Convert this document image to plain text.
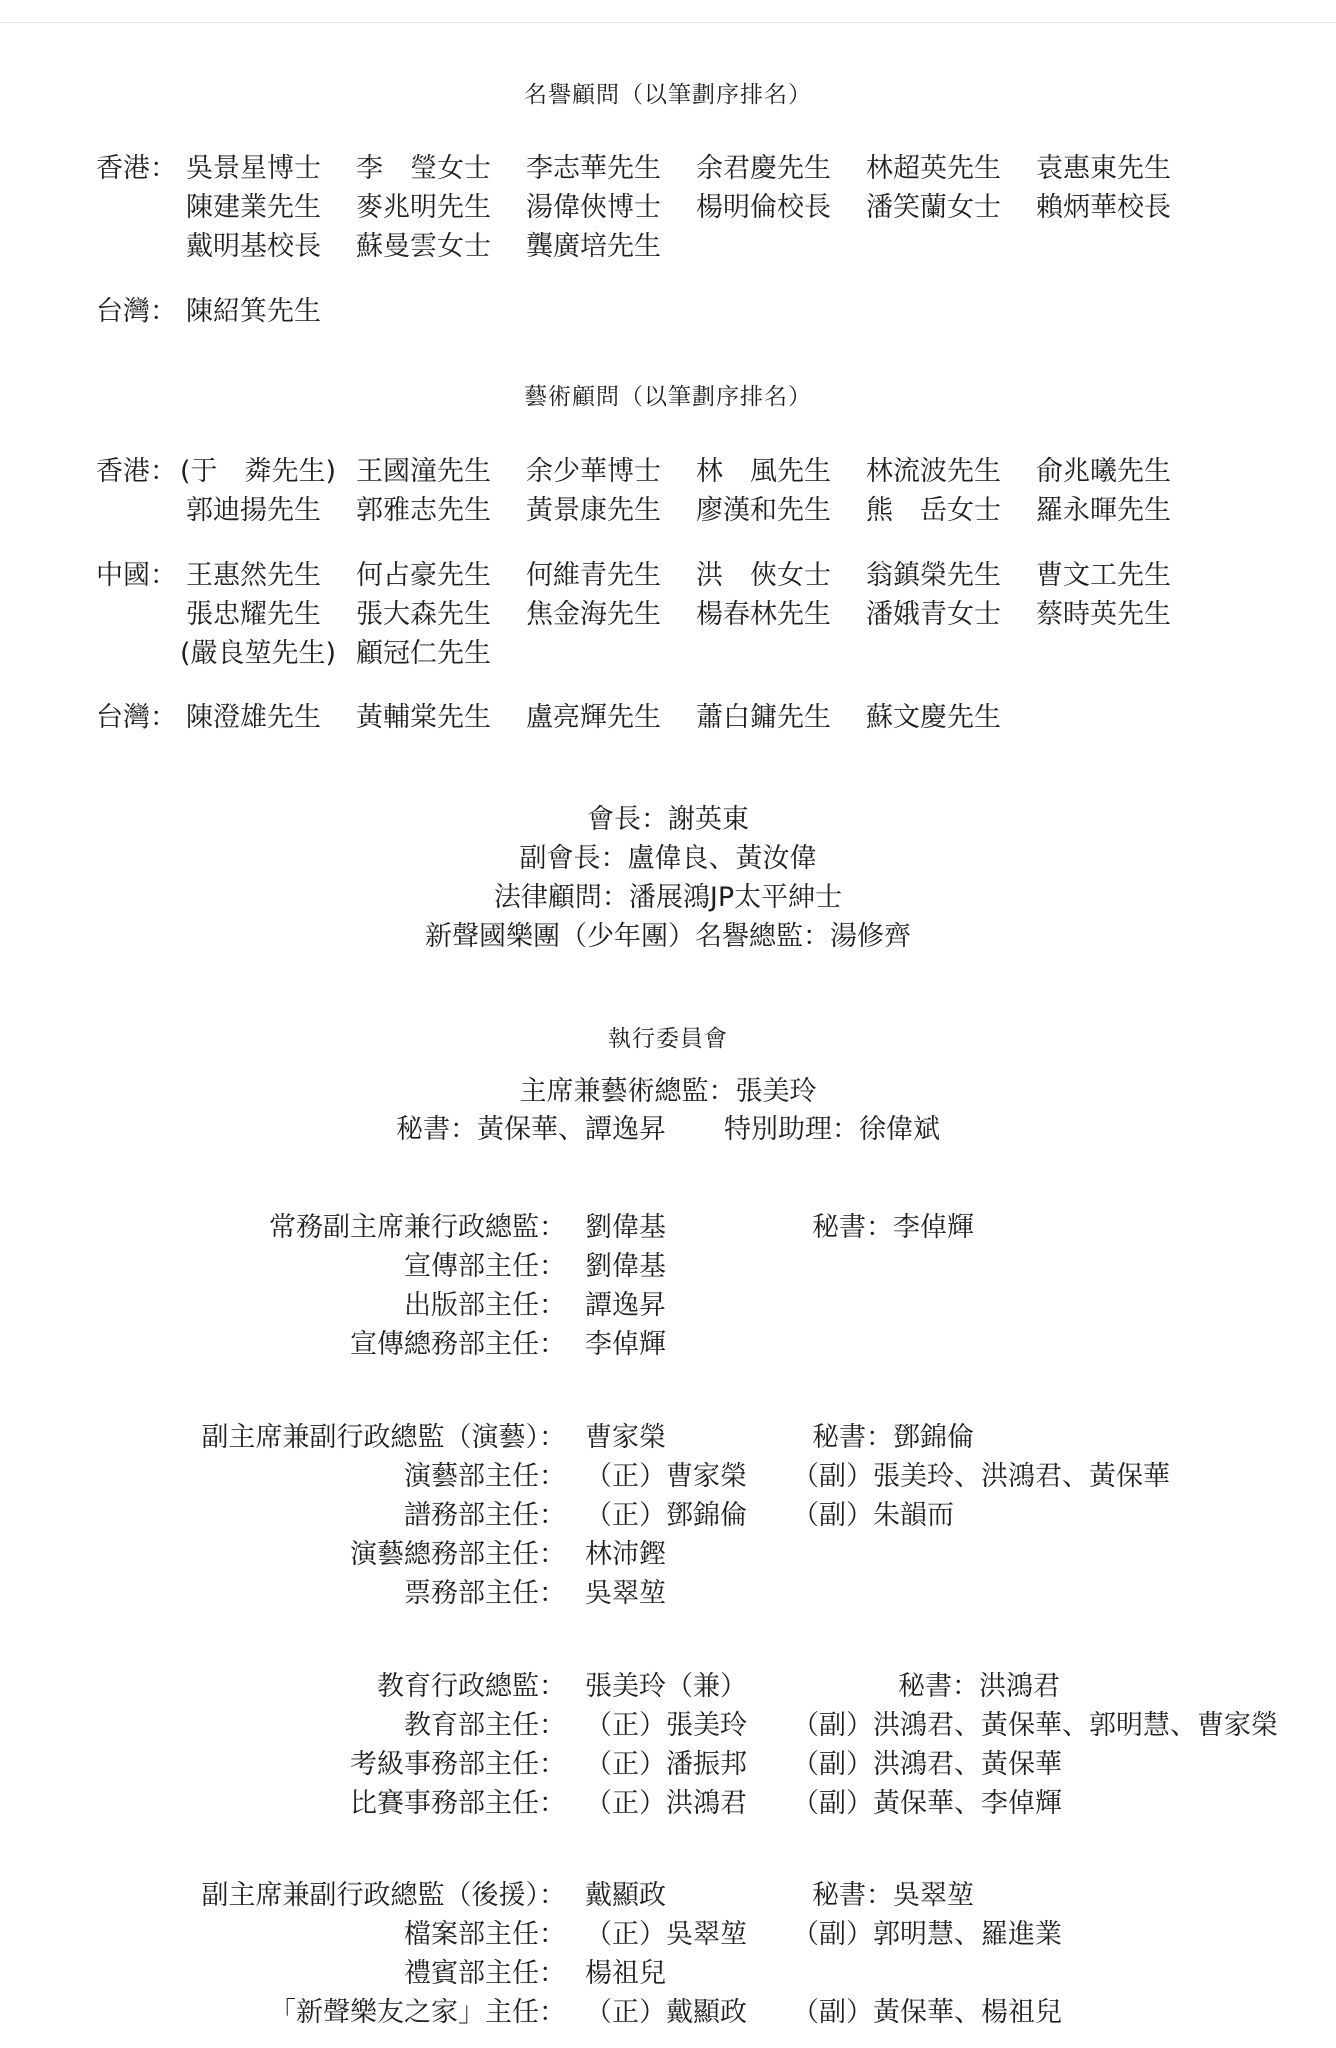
名譽顧問（以筆劃序排名）
香港： 吳景星博士 李　瑩女士 李志華先生 余君慶先生 林超英先生 袁惠東先生
陳建業先生 麥兆明先生 湯偉俠博士 楊明倫校長 潘笑蘭女士 賴炳華校長
戴明基校長 蘇曼雲女士 龔廣培先生
台灣： 陳紹箕先生
藝術顧問（以筆劃序排名）
香港： (于　粦先生) 王國潼先生 余少華博士 林　風先生 林流波先生 俞兆曦先生
郭迪揚先生 郭雅志先生 黃景康先生 廖漢和先生 熊　岳女士 羅永暉先生
中國： 王惠然先生 何占豪先生 何維青先生 洪　俠女士 翁鎮榮先生 曹文工先生
張忠耀先生 張大森先生 焦金海先生 楊春林先生 潘娥青女士 蔡時英先生
(嚴良堃先生) 顧冠仁先生
台灣： 陳澄雄先生 黃輔棠先生 盧亮輝先生 蕭白鏞先生 蘇文慶先生
會長：謝英東
副會長：盧偉良、黃汝偉
法律顧問：潘展鴻JP太平紳士
新聲國樂團（少年團）名譽總監：湯修齊
執行委員會
主席兼藝術總監：張美玲
秘書：黃保華、譚逸昇 特別助理：徐偉斌
常務副主席兼行政總監： 劉偉基	秘書：李倬輝
宣傳部主任： 劉偉基
出版部主任： 譚逸昇
宣傳總務部主任： 李倬輝
副主席兼副行政總監（演藝）： 曹家榮	秘書：鄧錦倫
演藝部主任： （正）曹家榮 （副）張美玲、洪鴻君、黃保華
譜務部主任： （正）鄧錦倫 （副）朱韻而
演藝總務部主任： 林沛鏗
票務部主任： 吳翠堃
教育行政總監： 張美玲（兼）	秘書：洪鴻君
教育部主任： （正）張美玲 （副）洪鴻君、黃保華、郭明慧、曹家榮
考級事務部主任： （正）潘振邦 （副）洪鴻君、黃保華
比賽事務部主任： （正）洪鴻君 （副）黃保華、李倬輝
副主席兼副行政總監（後援）： 戴顯政	秘書：吳翠堃
檔案部主任： （正）吳翠堃 （副）郭明慧、羅進業
禮賓部主任： 楊祖兒
「新聲樂友之家」主任： （正）戴顯政 （副）黃保華、楊祖兒
